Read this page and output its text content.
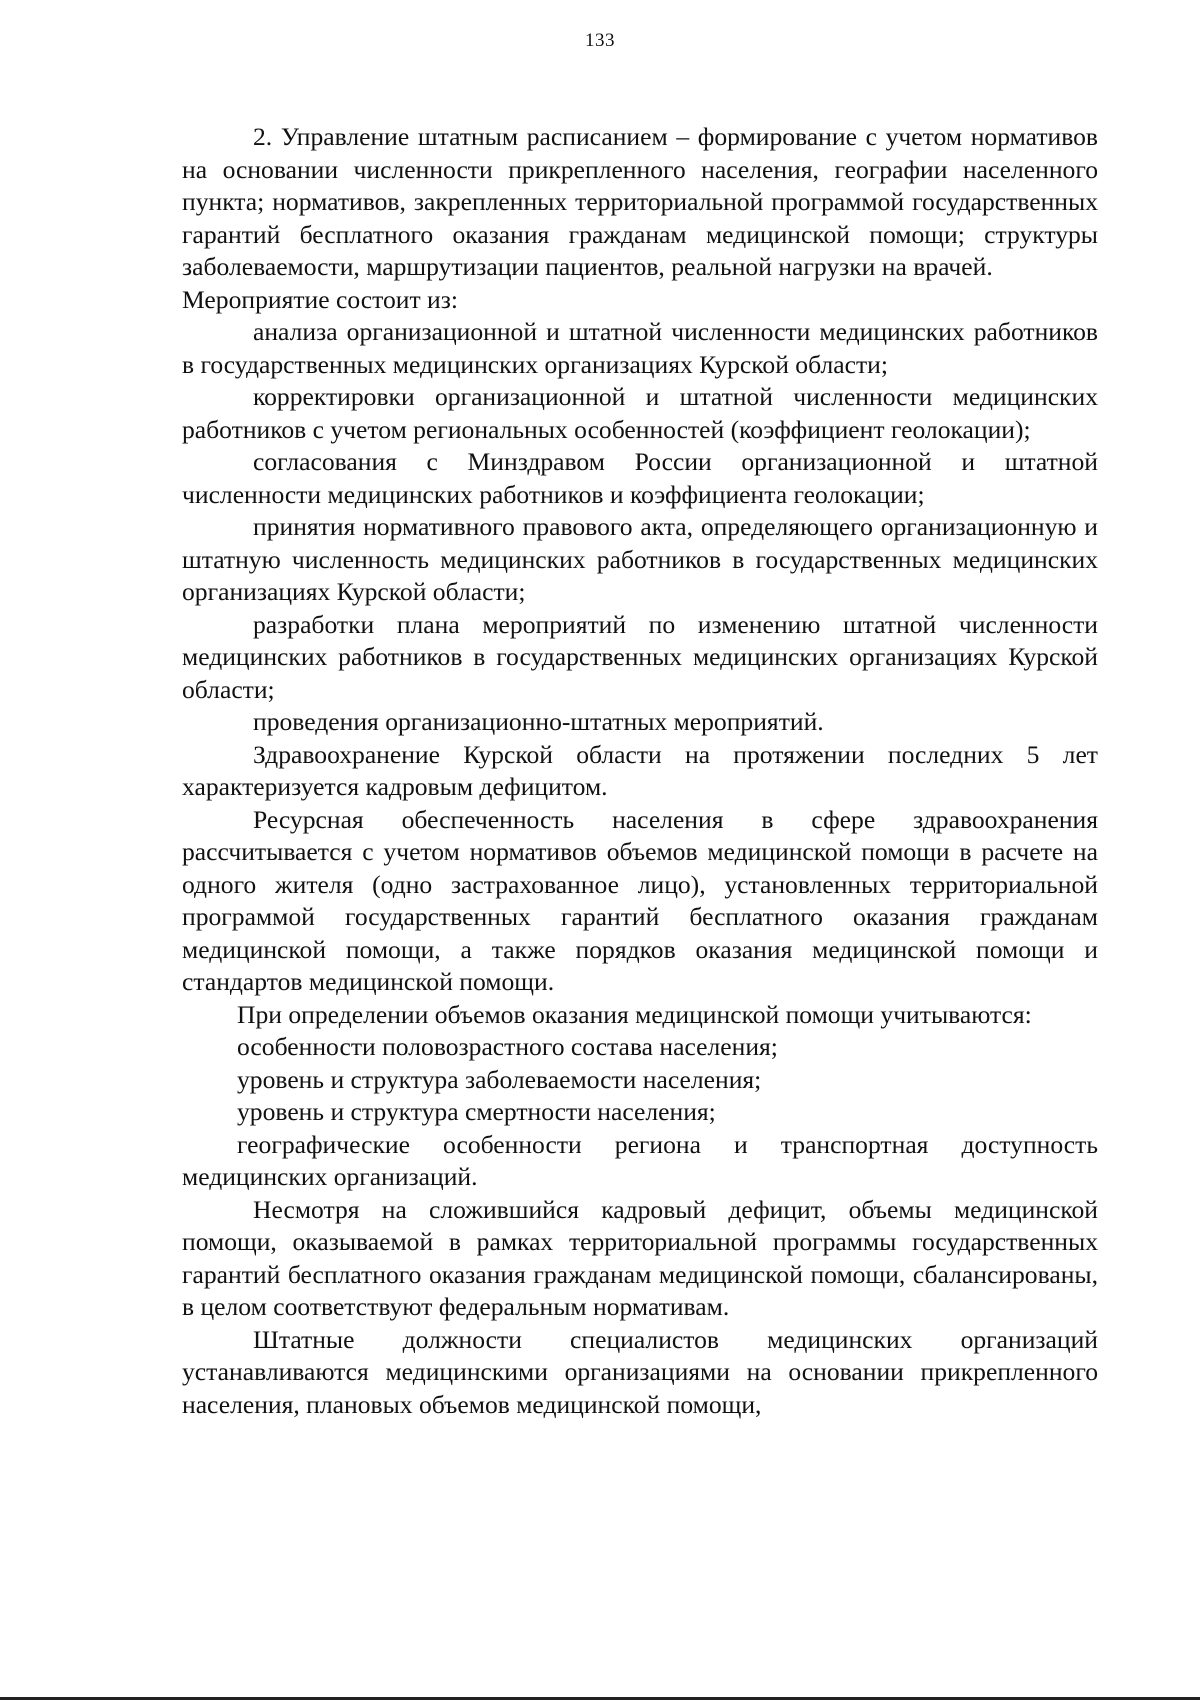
133

2. Управление штатным расписанием – формирование с учетом нормативов на основании численности прикрепленного населения, географии населенного пункта; нормативов, закрепленных территориальной программой государственных гарантий бесплатного оказания гражданам медицинской помощи; структуры заболеваемости, маршрутизации пациентов, реальной нагрузки на врачей.

Мероприятие состоит из:

анализа организационной и штатной численности медицинских работников в государственных медицинских организациях Курской области;

корректировки организационной и штатной численности медицинских работников с учетом региональных особенностей (коэффициент геолокации);

согласования с Минздравом России организационной и штатной численности медицинских работников и коэффициента геолокации;

принятия нормативного правового акта, определяющего организационную и штатную численность медицинских работников в государственных медицинских организациях Курской области;

разработки плана мероприятий по изменению штатной численности медицинских работников в государственных медицинских организациях Курской области;

проведения организационно-штатных мероприятий.

Здравоохранение Курской области на протяжении последних 5 лет характеризуется кадровым дефицитом.

Ресурсная обеспеченность населения в сфере здравоохранения рассчитывается с учетом нормативов объемов медицинской помощи в расчете на одного жителя (одно застрахованное лицо), установленных территориальной программой государственных гарантий бесплатного оказания гражданам медицинской помощи, а также порядков оказания медицинской помощи и стандартов медицинской помощи.

При определении объемов оказания медицинской помощи учитываются:

особенности половозрастного состава населения;

уровень и структура заболеваемости населения;

уровень и структура смертности населения;

географические особенности региона и транспортная доступность медицинских организаций.

Несмотря на сложившийся кадровый дефицит, объемы медицинской помощи, оказываемой в рамках территориальной программы государственных гарантий бесплатного оказания гражданам медицинской помощи, сбалансированы, в целом соответствуют федеральным нормативам.

Штатные должности специалистов медицинских организаций устанавливаются медицинскими организациями на основании прикрепленного населения, плановых объемов медицинской помощи,
